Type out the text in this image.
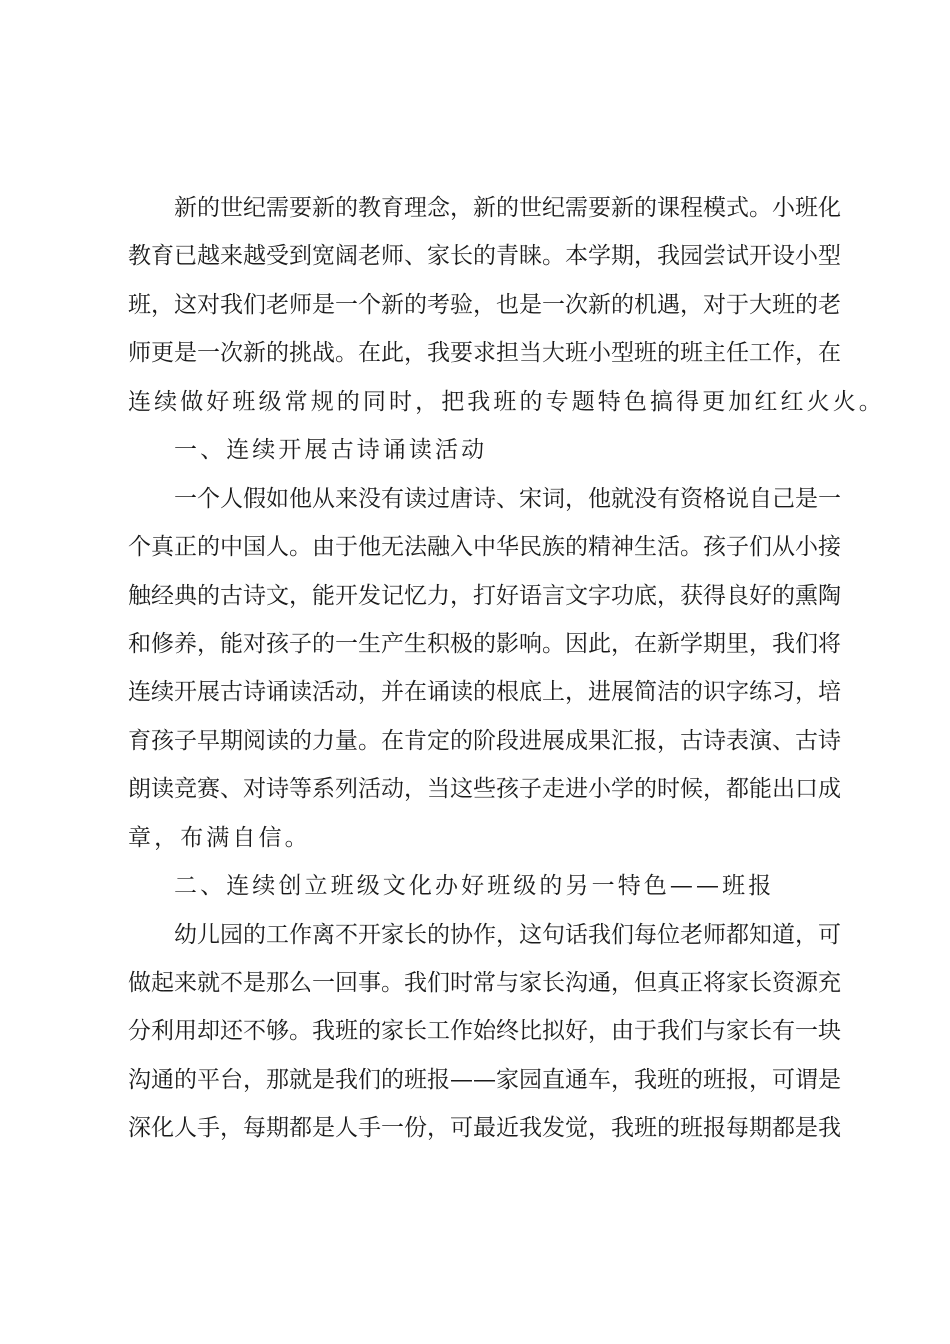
新的世纪需要新的教育理念，新的世纪需要新的课程模式。小班化
教育已越来越受到宽阔老师、家长的青睐。本学期，我园尝试开设小型
班，这对我们老师是一个新的考验，也是一次新的机遇，对于大班的老
师更是一次新的挑战。在此，我要求担当大班小型班的班主任工作，在
连续做好班级常规的同时，把我班的专题特色搞得更加红红火火。
一、连续开展古诗诵读活动
一个人假如他从来没有读过唐诗、宋词，他就没有资格说自己是一
个真正的中国人。由于他无法融入中华民族的精神生活。孩子们从小接
触经典的古诗文，能开发记忆力，打好语言文字功底，获得良好的熏陶
和修养，能对孩子的一生产生积极的影响。因此，在新学期里，我们将
连续开展古诗诵读活动，并在诵读的根底上，进展简洁的识字练习，培
育孩子早期阅读的力量。在肯定的阶段进展成果汇报，古诗表演、古诗
朗读竞赛、对诗等系列活动，当这些孩子走进小学的时候，都能出口成
章，布满自信。
二、连续创立班级文化办好班级的另一特色——班报
幼儿园的工作离不开家长的协作，这句话我们每位老师都知道，可
做起来就不是那么一回事。我们时常与家长沟通，但真正将家长资源充
分利用却还不够。我班的家长工作始终比拟好，由于我们与家长有一块
沟通的平台，那就是我们的班报——家园直通车，我班的班报，可谓是
深化人手，每期都是人手一份，可最近我发觉，我班的班报每期都是我
